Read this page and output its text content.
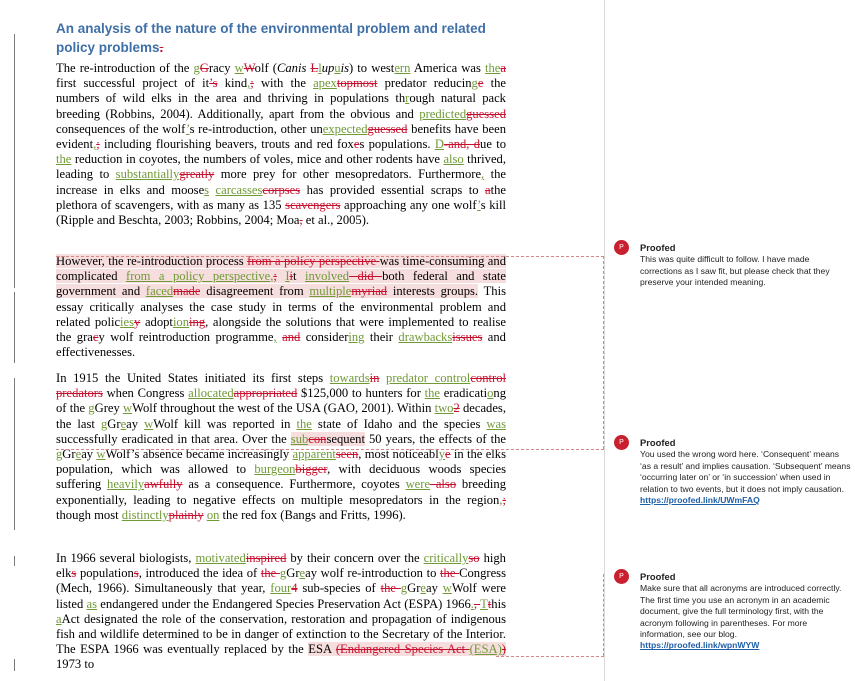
An analysis of the nature of the environmental problem and related policy problems.

The re-introduction of the gGracy wWolf (Canis Llupuis) to western America was thea first successful project of it’s kind,; with the apextopmost predator reducinge the numbers of wild elks in the area and thriving in populations through natural pack breeding (Robbins, 2004). Additionally, apart from the obvious and predictedguessed consequences of the wolf’s re-introduction, other unexpectedguessed benefits have been evident,; including flourishing beavers, trouts and red foxes populations. D-and, due to the reduction in coyotes, the numbers of voles, mice and other rodents have also thrived, leading to substantiallygreatly more prey for other mesopredators. Furthermore, the increase in elks and mooses carcassescorpses has provided essential scraps to athe plethora of scavengers, with as many as 135 scavengers approaching any one wolf’s kill (Ripple and Beschta, 2003; Robbins, 2004; Moa, et al., 2005).

However, the re-introduction process from a policy perspective was time-consuming and complicated from a policy perspective,; Iit involved did both federal and state government and facedmade disagreement from multiplemyriad interests groups. This essay critically analyses the case study in terms of the environmental problem and related policiesy adoptioning, alongside the solutions that were implemented to realise the gracy wolf reintroduction programme, and considering their drawbacksissues and effectivenesses.

In 1915 the United States initiated its first steps towardsin predator controlcontrol predators when Congress allocatedappropriated $125,000 to hunters for the eradicationg of the gGrey wWolf throughout the west of the USA (GAO, 2001). Within two2 decades, the last gGreay wWolf kill was reported in the state of Idaho and the species was successfully eradicated in that area. Over the subconsequent 50 years, the effects of the gGreay wWolf’s absence became increasingly apparentseen, most noticeablye in the elks population, which was allowed to burgeonbigger, with deciduous woods species suffering heavilyawfully as a consequence. Furthermore, coyotes were also breeding exponentially, leading to negative effects on multiple mesopredators in the region,; though most distinctlyplainly on the red fox (Bangs and Fritts, 1996).

In 1966 several biologists, motivatedinspired by their concern over the criticallyso high elks populations, introduced the idea of the gGreay wolf re-introduction to the Congress (Mech, 1966). Simultaneously that year, four4 sub-species of the gGreay wWolf were listed as endangered under the Endangered Species Preservation Act (ESPA) 1966., Tthis aAct designated the role of the conservation, restoration and propagation of indigenous fish and wildlife determined to be in danger of extinction to the Secretary of the Interior. The ESPA 1966 was eventually replaced by the ESA (Endangered Species Act (ESA)) 1973 to

P	Proofed
This was quite difficult to follow. I have made corrections as I saw fit, but please check that they preserve your intended meaning.
P	Proofed
You used the wrong word here. ‘Consequent’ means ‘as a result’ and implies causation. ‘Subsequent’ means ‘occurring later on’ or ‘in succession’ when used in relation to two events, but it does not imply causation.
https://proofed.link/UWmFAQ
P	Proofed
Make sure that all acronyms are introduced correctly. The first time you use an acronym in an academic document, give the full terminology first, with the acronym following in parentheses. For more information, see our blog.
https://proofed.link/wpnWYW
